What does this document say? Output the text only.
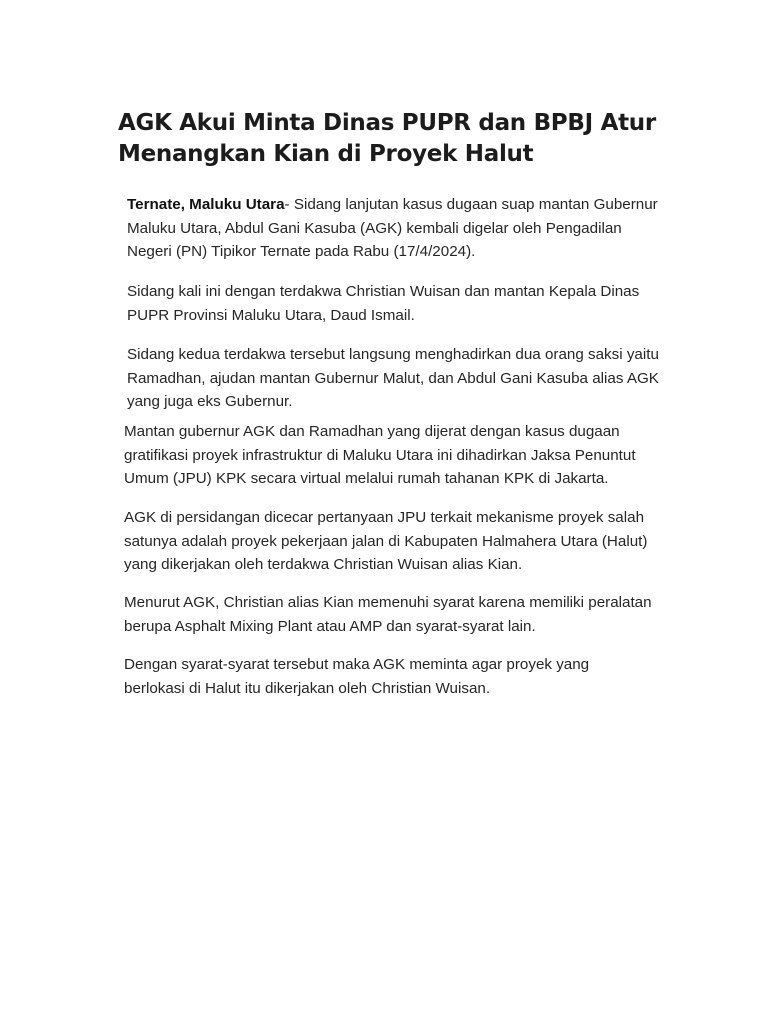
AGK Akui Minta Dinas PUPR dan BPBJ Atur Menangkan Kian di Proyek Halut

Ternate, Maluku Utara- Sidang lanjutan kasus dugaan suap mantan Gubernur Maluku Utara, Abdul Gani Kasuba (AGK) kembali digelar oleh Pengadilan Negeri (PN) Tipikor Ternate pada Rabu (17/4/2024).

Sidang kali ini dengan terdakwa Christian Wuisan dan mantan Kepala Dinas PUPR Provinsi Maluku Utara, Daud Ismail.

Sidang kedua terdakwa tersebut langsung menghadirkan dua orang saksi yaitu Ramadhan, ajudan mantan Gubernur Malut, dan Abdul Gani Kasuba alias AGK yang juga eks Gubernur.

Mantan gubernur AGK dan Ramadhan yang dijerat dengan kasus dugaan gratifikasi proyek infrastruktur di Maluku Utara ini dihadirkan Jaksa Penuntut Umum (JPU) KPK secara virtual melalui rumah tahanan KPK di Jakarta.

AGK di persidangan dicecar pertanyaan JPU terkait mekanisme proyek salah satunya adalah proyek pekerjaan jalan di Kabupaten Halmahera Utara (Halut) yang dikerjakan oleh terdakwa Christian Wuisan alias Kian.

Menurut AGK, Christian alias Kian memenuhi syarat karena memiliki peralatan berupa Asphalt Mixing Plant atau AMP dan syarat-syarat lain.

Dengan syarat-syarat tersebut maka AGK meminta agar proyek yang berlokasi di Halut itu dikerjakan oleh Christian Wuisan.
